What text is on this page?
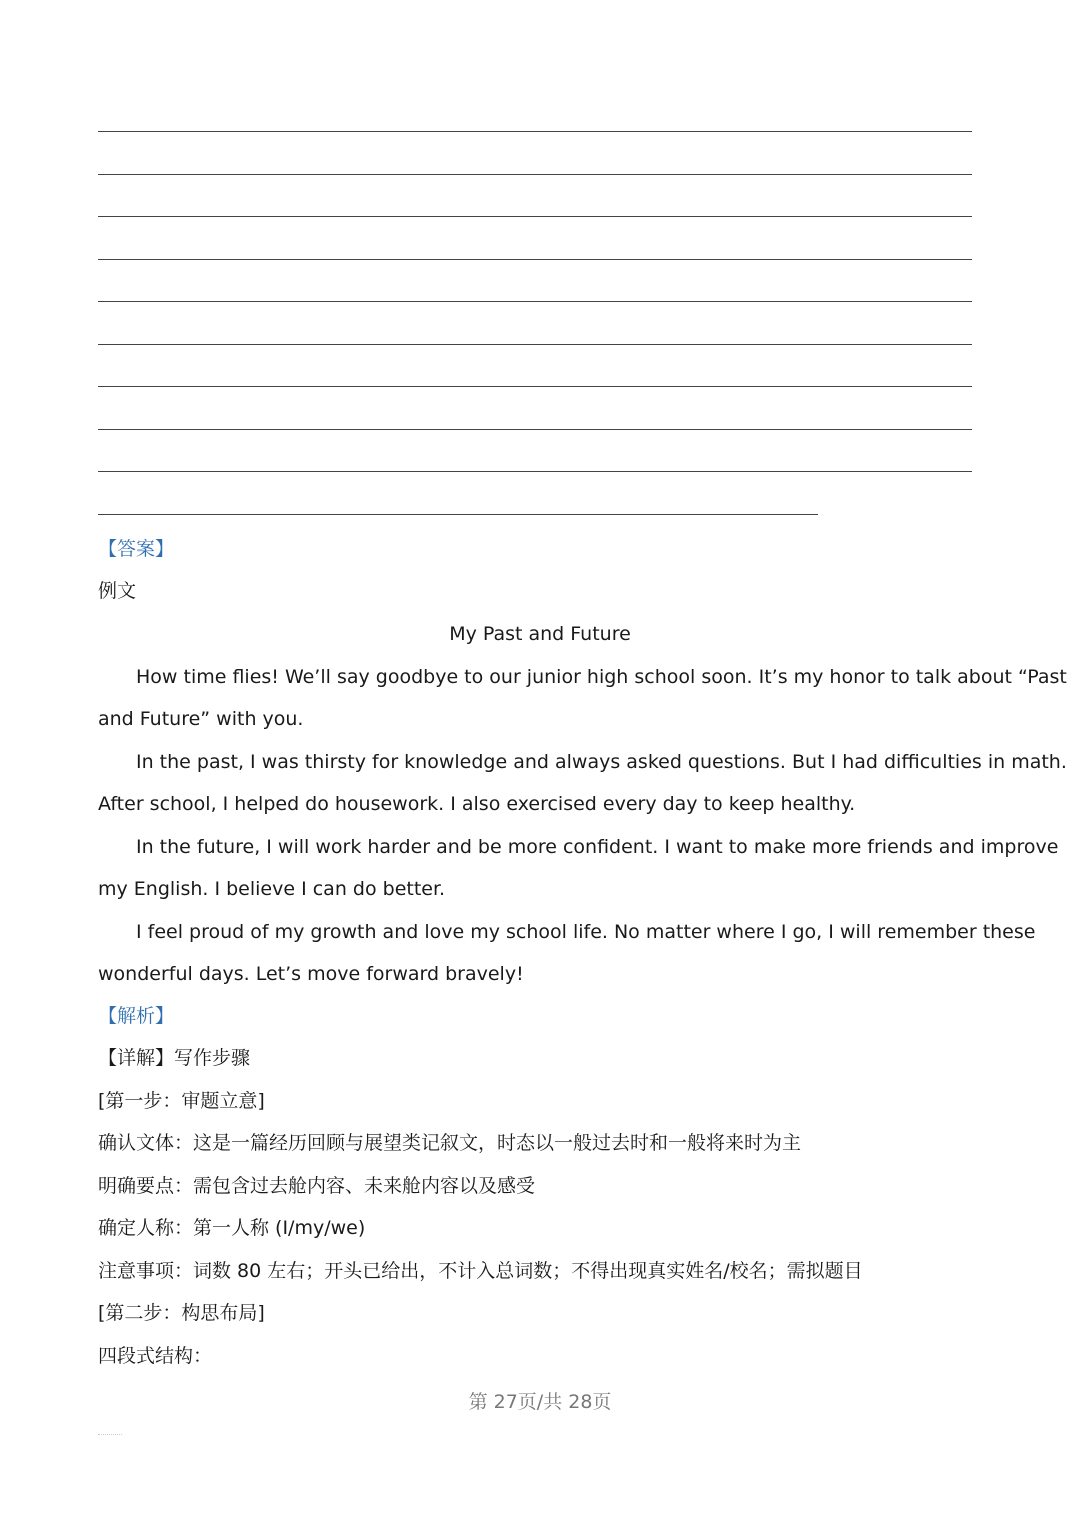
【答案】
例文
My Past and Future
How time flies! We’ll say goodbye to our junior high school soon. It’s my honor to talk about “Past
and Future” with you.
In the past, I was thirsty for knowledge and always asked questions. But I had difficulties in math.
After school, I helped do housework. I also exercised every day to keep healthy.
In the future, I will work harder and be more confident. I want to make more friends and improve
my English. I believe I can do better.
I feel proud of my growth and love my school life. No matter where I go, I will remember these
wonderful days. Let’s move forward bravely!
【解析】
【详解】写作步骤
[第一步：审题立意]
确认文体：这是一篇经历回顾与展望类记叙文，时态以一般过去时和一般将来时为主
明确要点：需包含过去舱内容、未来舱内容以及感受
确定人称：第一人称 (I/my/we)
注意事项：词数 80 左右；开头已给出，不计入总词数；不得出现真实姓名/校名；需拟题目
[第二步：构思布局]
四段式结构：
第 27页/共 28页
